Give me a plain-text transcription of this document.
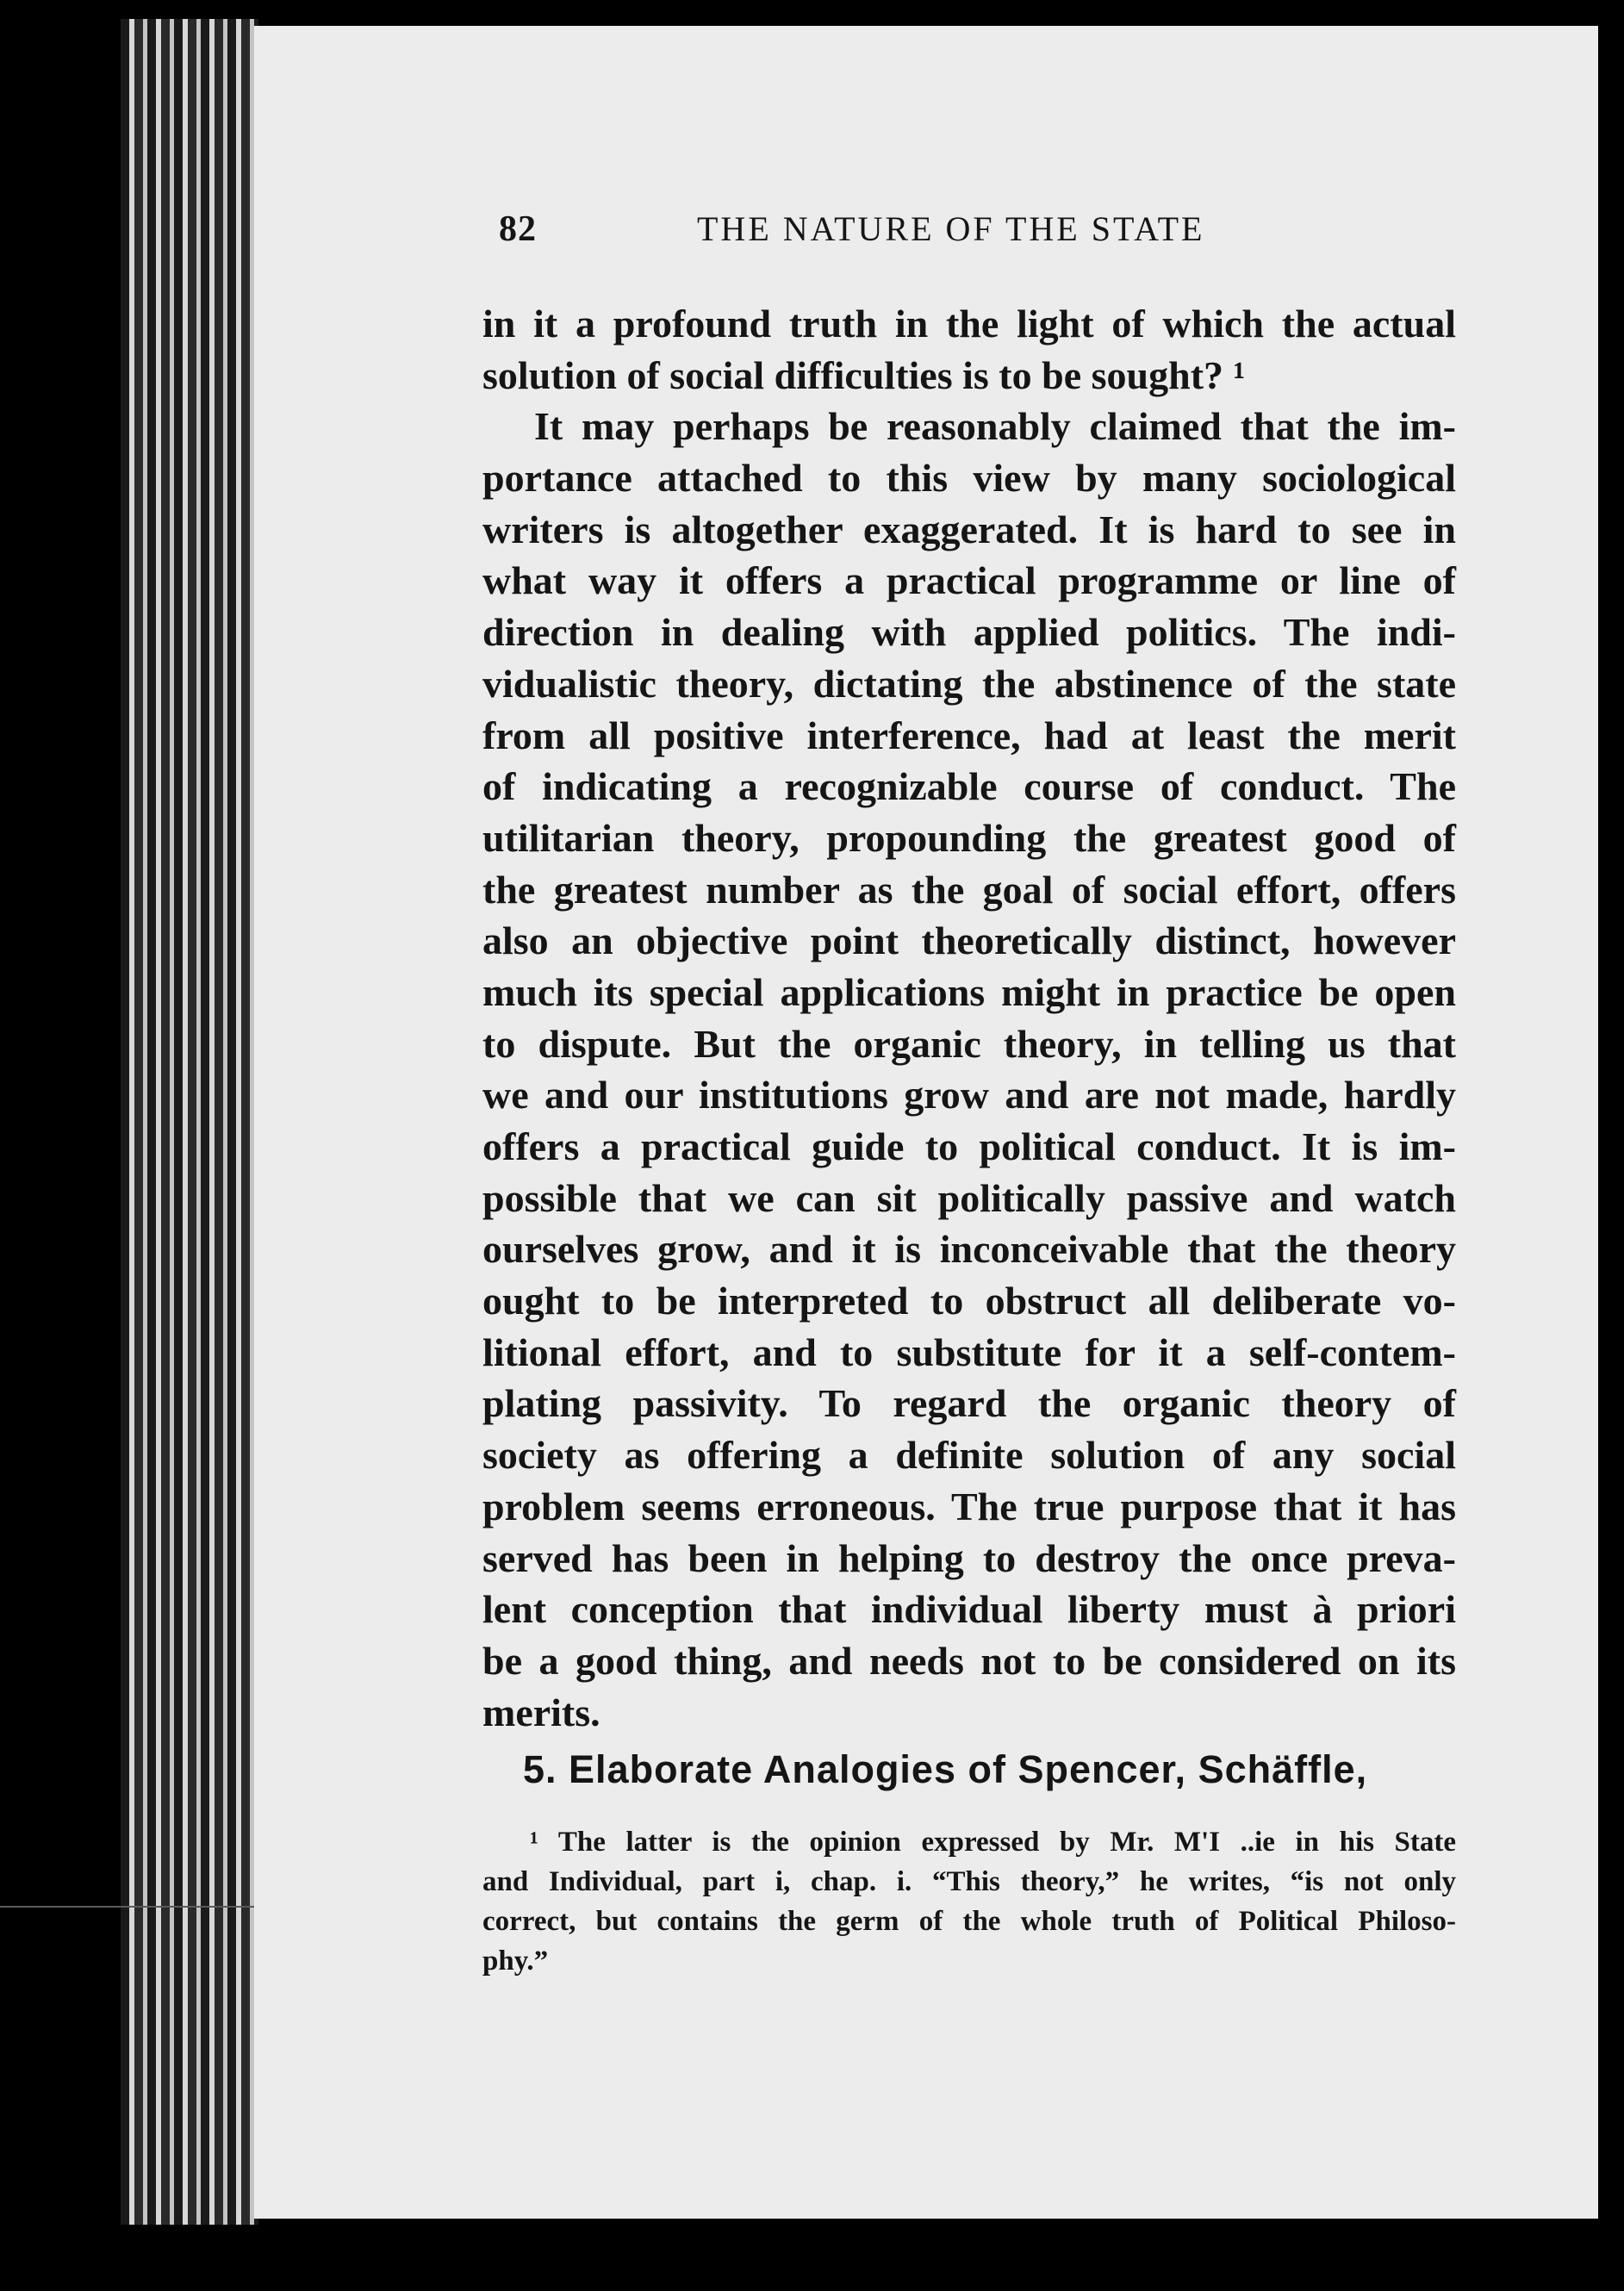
82	THE NATURE OF THE STATE
in it a profound truth in the light of which the actual
solution of social difficulties is to be sought? ¹
It may perhaps be reasonably claimed that the im-
portance attached to this view by many sociological
writers is altogether exaggerated. It is hard to see in
what way it offers a practical programme or line of
direction in dealing with applied politics. The indi-
vidualistic theory, dictating the abstinence of the state
from all positive interference, had at least the merit
of indicating a recognizable course of conduct. The
utilitarian theory, propounding the greatest good of
the greatest number as the goal of social effort, offers
also an objective point theoretically distinct, however
much its special applications might in practice be open
to dispute. But the organic theory, in telling us that
we and our institutions grow and are not made, hardly
offers a practical guide to political conduct. It is im-
possible that we can sit politically passive and watch
ourselves grow, and it is inconceivable that the theory
ought to be interpreted to obstruct all deliberate vo-
litional effort, and to substitute for it a self-contem-
plating passivity. To regard the organic theory of
society as offering a definite solution of any social
problem seems erroneous. The true purpose that it has
served has been in helping to destroy the once preva-
lent conception that individual liberty must à priori
be a good thing, and needs not to be considered on its
merits.
5. Elaborate Analogies of Spencer, Schäffle,
¹ The latter is the opinion expressed by Mr. M'I ..ie in his State
and Individual, part i, chap. i. “This theory,” he writes, “is not only
correct, but contains the germ of the whole truth of Political Philoso-
phy.”
